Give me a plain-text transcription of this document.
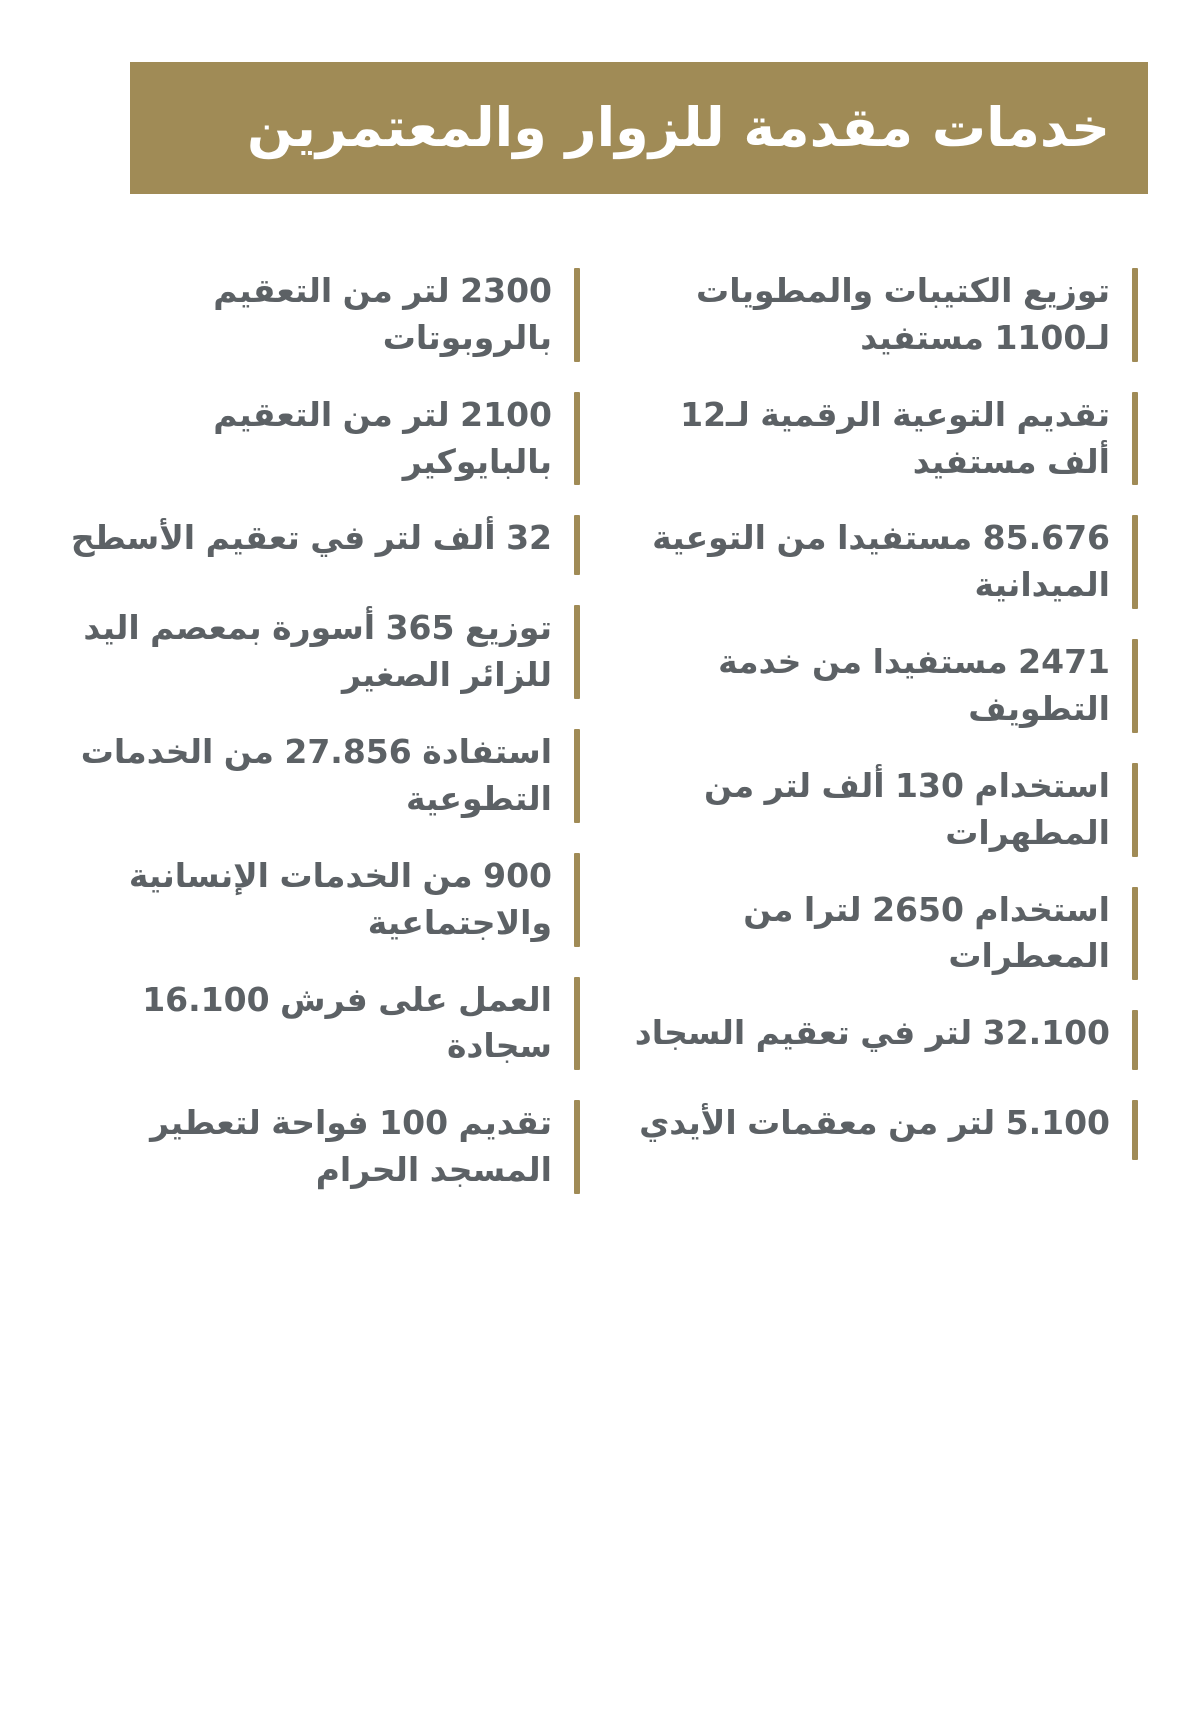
خدمات مقدمة للزوار والمعتمرين
توزيع الكتيبات والمطويات لـ1100 مستفيد
تقديم التوعية الرقمية لـ12 ألف مستفيد
85.676 مستفيدا من التوعية الميدانية
2471 مستفيدا من خدمة التطويف
استخدام 130 ألف لتر من المطهرات
استخدام 2650 لترا من المعطرات
32.100 لتر في تعقيم السجاد
5.100 لتر من معقمات الأيدي
2300 لتر من التعقيم بالروبوتات
2100 لتر من التعقيم بالبايوكير
32 ألف لتر في تعقيم الأسطح
توزيع 365 أسورة بمعصم اليد للزائر الصغير
استفادة 27.856 من الخدمات التطوعية
900 من الخدمات الإنسانية والاجتماعية
العمل على فرش 16.100 سجادة
تقديم 100 فواحة لتعطير المسجد الحرام
